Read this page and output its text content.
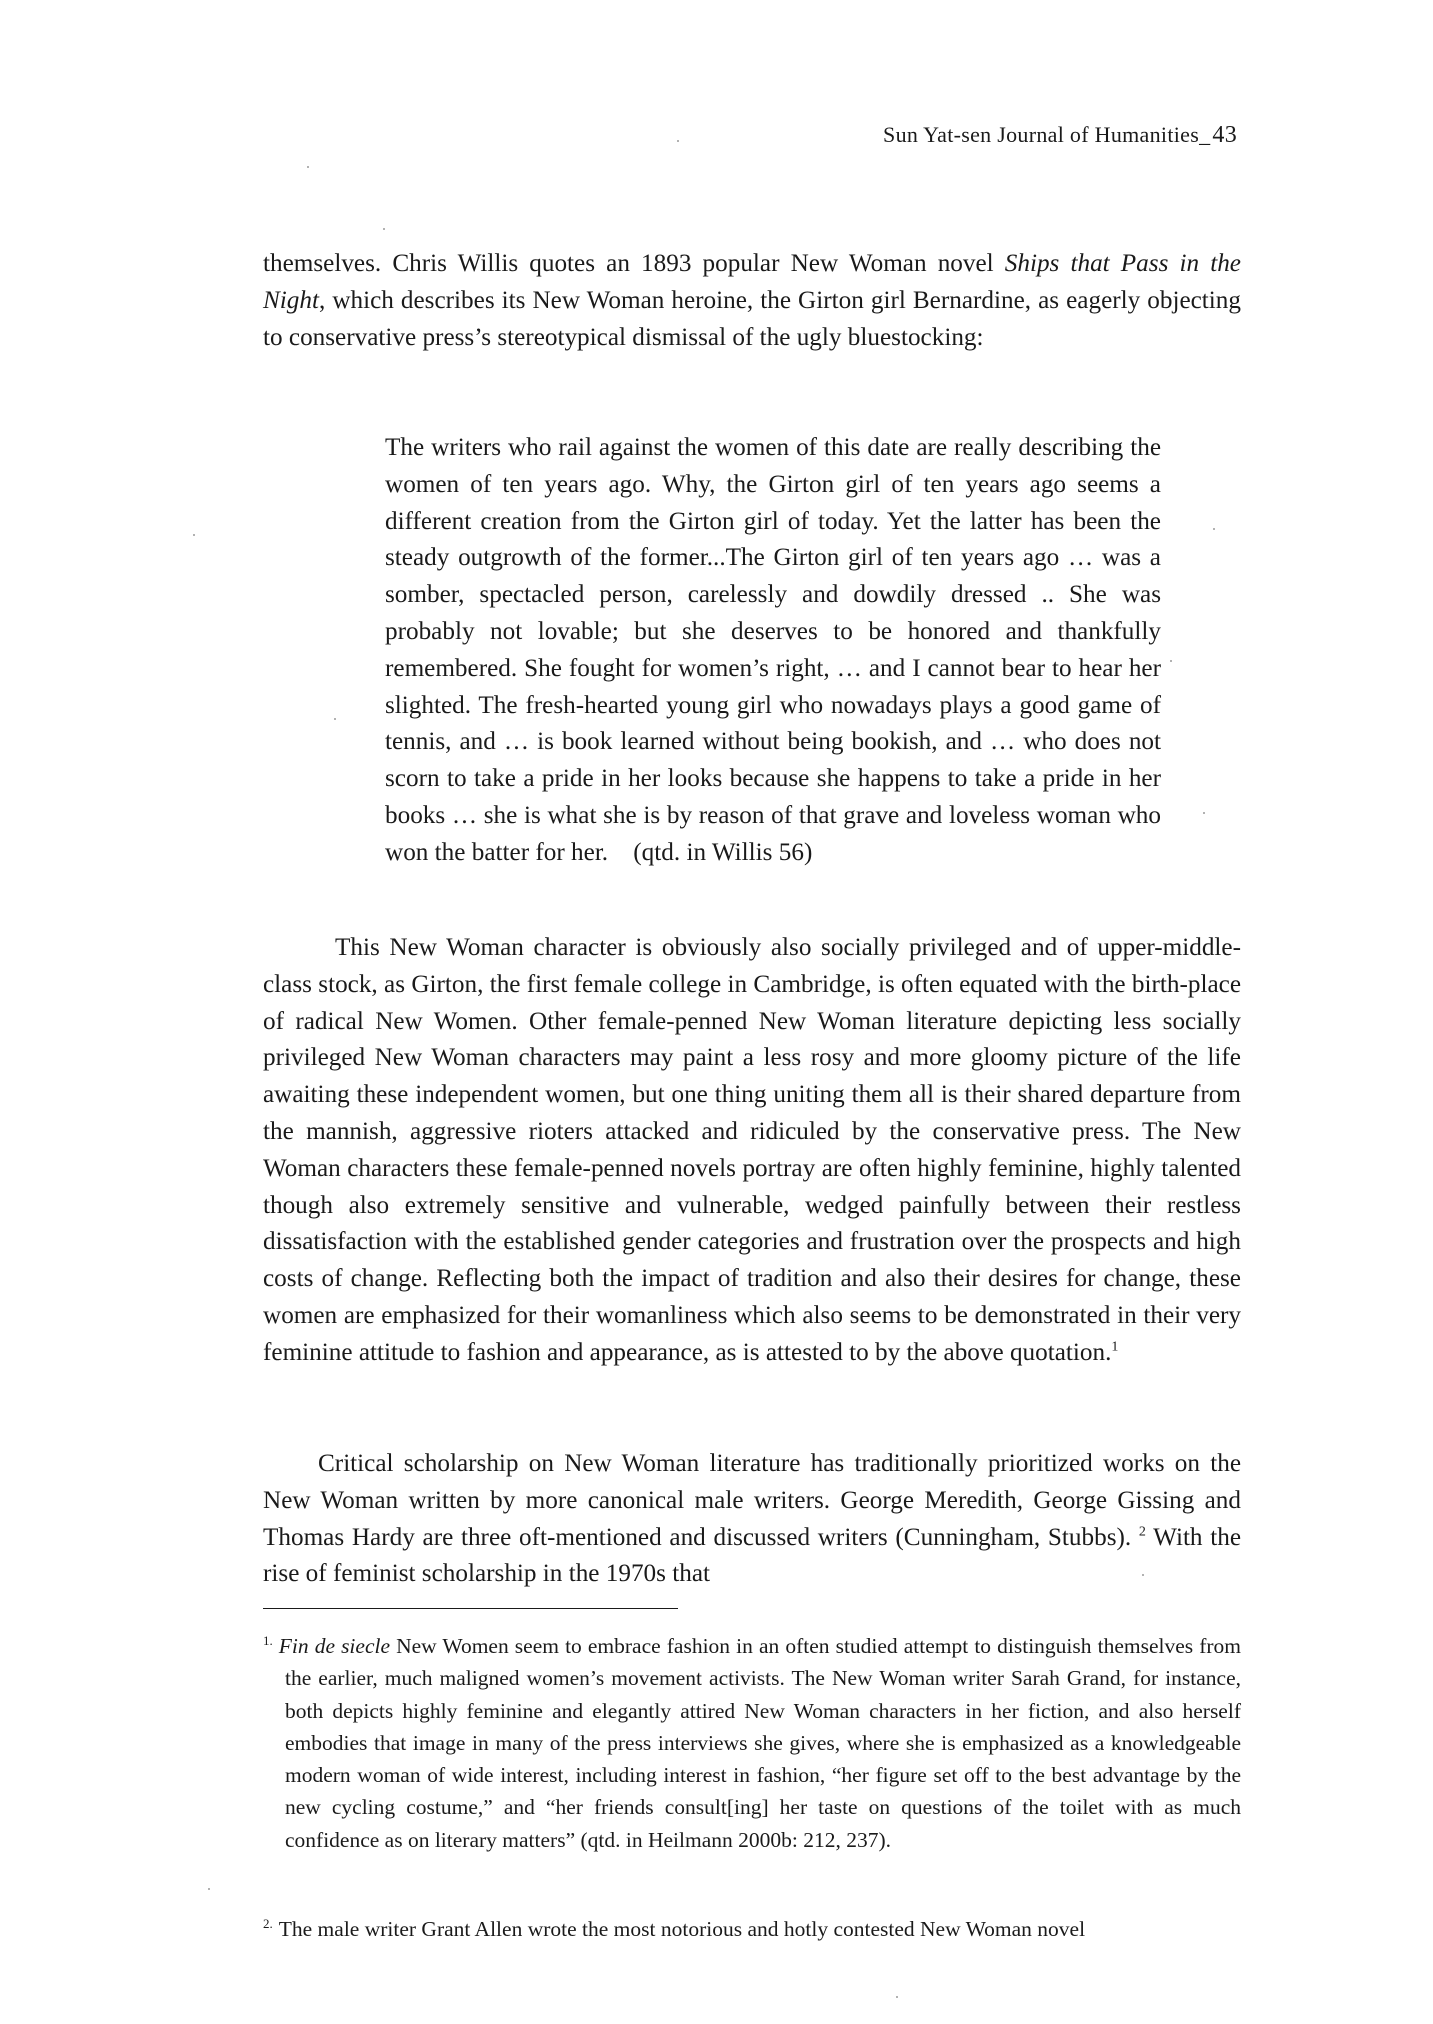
Sun Yat-sen Journal of Humanities_43

themselves. Chris Willis quotes an 1893 popular New Woman novel Ships that Pass in the Night, which describes its New Woman heroine, the Girton girl Bernardine, as eagerly objecting to conservative press’s stereotypical dismissal of the ugly bluestocking:

The writers who rail against the women of this date are really describing the women of ten years ago. Why, the Girton girl of ten years ago seems a different creation from the Girton girl of today. Yet the latter has been the steady outgrowth of the former...The Girton girl of ten years ago … was a somber, spectacled person, carelessly and dowdily dressed .. She was probably not lovable; but she deserves to be honored and thankfully remembered. She fought for women’s right, … and I cannot bear to hear her slighted. The fresh-hearted young girl who nowadays plays a good game of tennis, and … is book learned without being bookish, and … who does not scorn to take a pride in her looks because she happens to take a pride in her books … she is what she is by reason of that grave and loveless woman who won the batter for her. (qtd. in Willis 56)

This New Woman character is obviously also socially privileged and of upper-middle-class stock, as Girton, the first female college in Cambridge, is often equated with the birth-place of radical New Women. Other female-penned New Woman literature depicting less socially privileged New Woman characters may paint a less rosy and more gloomy picture of the life awaiting these independent women, but one thing uniting them all is their shared departure from the mannish, aggressive rioters attacked and ridiculed by the conservative press. The New Woman characters these female-penned novels portray are often highly feminine, highly talented though also extremely sensitive and vulnerable, wedged painfully between their restless dissatisfaction with the established gender categories and frustration over the prospects and high costs of change. Reflecting both the impact of tradition and also their desires for change, these women are emphasized for their womanliness which also seems to be demonstrated in their very feminine attitude to fashion and appearance, as is attested to by the above quotation.$^1$

Critical scholarship on New Woman literature has traditionally prioritized works on the New Woman written by more canonical male writers. George Meredith, George Gissing and Thomas Hardy are three oft-mentioned and discussed writers (Cunningham, Stubbs). $^2$ With the rise of feminist scholarship in the 1970s that

$^{1.}$ Fin de siecle New Women seem to embrace fashion in an often studied attempt to distinguish themselves from the earlier, much maligned women’s movement activists. The New Woman writer Sarah Grand, for instance, both depicts highly feminine and elegantly attired New Woman characters in her fiction, and also herself embodies that image in many of the press interviews she gives, where she is emphasized as a knowledgeable modern woman of wide interest, including interest in fashion, “her figure set off to the best advantage by the new cycling costume,” and “her friends consult[ing] her taste on questions of the toilet with as much confidence as on literary matters” (qtd. in Heilmann 2000b: 212, 237).

$^{2.}$ The male writer Grant Allen wrote the most notorious and hotly contested New Woman novel
